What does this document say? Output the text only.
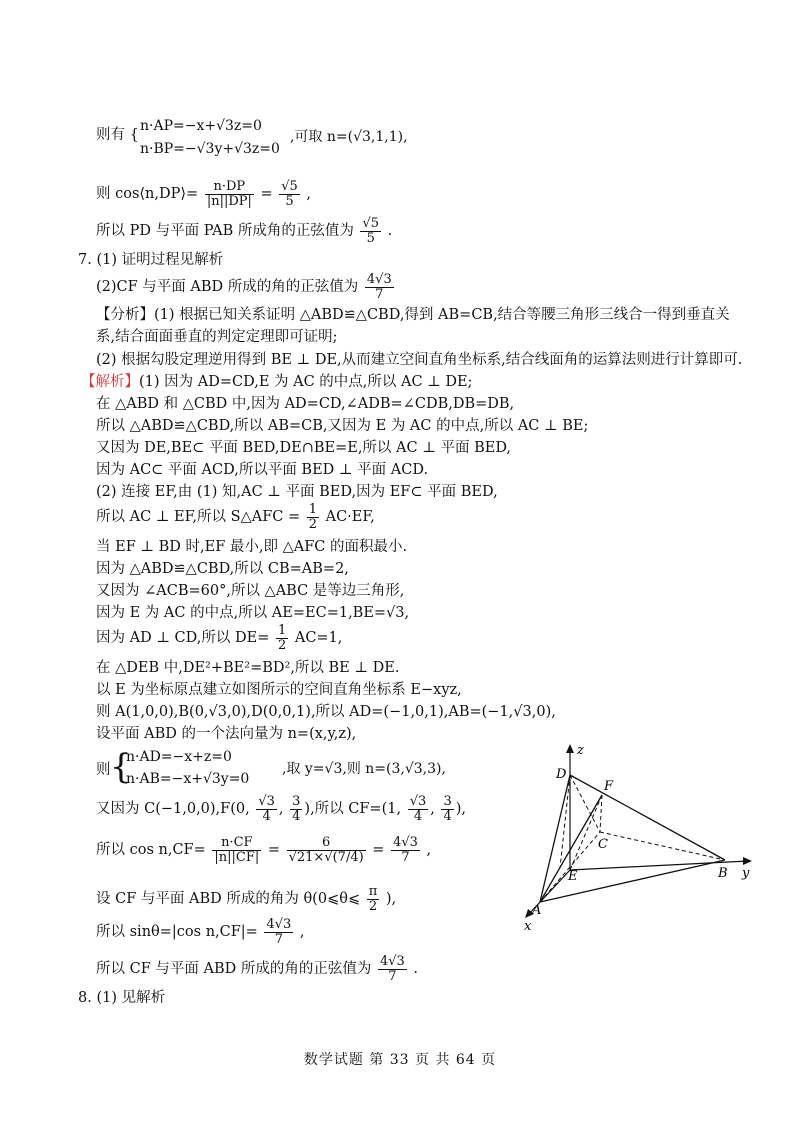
则有 {
n·AP=−x+√3z=0
n·BP=−√3y+√3z=0
,可取 n=(√3,1,1),
则 cos⟨n,DP⟩= $\frac{n\cdot DP}{|n||DP|} = \frac{√5}{5}$ ,
所以 PD 与平面 PAB 所成角的正弦值为 $\frac{√5}{5}$ .
7. (1) 证明过程见解析
(2)CF 与平面 ABD 所成的角的正弦值为 $\frac{4√3}{7}$
【分析】(1) 根据已知关系证明 △ABD≌△CBD,得到 AB=CB,结合等腰三角形三线合一得到垂直关
系,结合面面垂直的判定定理即可证明;
(2) 根据勾股定理逆用得到 BE ⊥ DE,从而建立空间直角坐标系,结合线面角的运算法则进行计算即可.
【解析】(1) 因为 AD=CD,E 为 AC 的中点,所以 AC ⊥ DE;
在 △ABD 和 △CBD 中,因为 AD=CD,∠ADB=∠CDB,DB=DB,
所以 △ABD≌△CBD,所以 AB=CB,又因为 E 为 AC 的中点,所以 AC ⊥ BE;
又因为 DE,BE⊂ 平面 BED,DE∩BE=E,所以 AC ⊥ 平面 BED,
因为 AC⊂ 平面 ACD,所以平面 BED ⊥ 平面 ACD.
(2) 连接 EF,由 (1) 知,AC ⊥ 平面 BED,因为 EF⊂ 平面 BED,
所以 AC ⊥ EF,所以 S△AFC = $\frac{1}{2} AC\cdot EF$,
当 EF ⊥ BD 时,EF 最小,即 △AFC 的面积最小.
因为 △ABD≌△CBD,所以 CB=AB=2,
又因为 ∠ACB=60°,所以 △ABC 是等边三角形,
因为 E 为 AC 的中点,所以 AE=EC=1,BE=√3,
因为 AD ⊥ CD,所以 $DE= \frac{1}{2} AC=1$,
在 △DEB 中,DE²+BE²=BD²,所以 BE ⊥ DE.
以 E 为坐标原点建立如图所示的空间直角坐标系 E−xyz,
则 A(1,0,0),B(0,√3,0),D(0,0,1),所以 AD=(−1,0,1),AB=(−1,√3,0),
设平面 ABD 的一个法向量为 n=(x,y,z),
则 {
n·AD=−x+z=0
n·AB=−x+√3y=0
,取 y=√3,则 n=(3,√3,3),
又因为 C(−1,0,0),F(0, $\frac{√3}{4}$ , $\frac{3}{4}$ ),所以 CF=(1, $\frac{√3}{4}$ , $\frac{3}{4}$ ),
所以 $\cos n,CF= \frac{n\cdot CF}{|n||CF|} = \frac{6}{√21\times√(7/4)} = \frac{4√3}{7}$ ,
设 CF 与平面 ABD 所成的角为 θ(0⩽θ⩽ $\frac{\pi}{2}$ ),
所以 sinθ=|cos $n,CF|= \frac{4√3}{7}$ ,
所以 CF 与平面 ABD 所成的角的正弦值为 $\frac{4√3}{7}$ .
8. (1) 见解析
z
D
F
C
E	B y
A
x
数学试题 第 33 页 共 64 页
